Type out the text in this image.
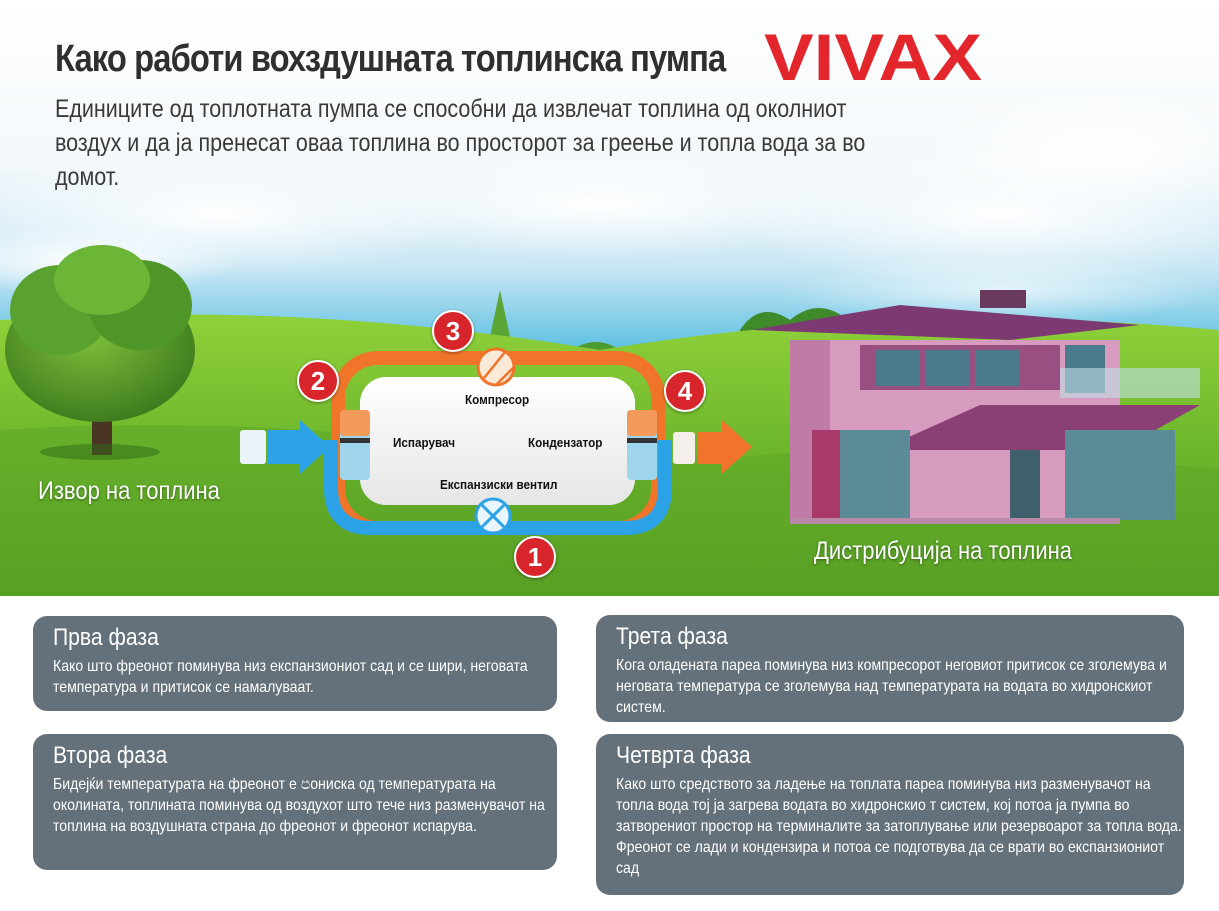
1
2
3
4
Компресор
Испарувач	Кондензатор
Експанзиски вентил
Извор на топлина
Дистрибуција на топлина
Како работи вохздушната топлинска пумпа VIVAX
Единиците од топлотната пумпа се способни да извлечат топлина од околниот воздух и да ја пренесат оваа топлина во просторот за греење и топла вода за во домот.
Прва фаза

Како што фреонот поминува низ експанзиониот сад и се шири, неговата температура и притисок се намалуваат.

Втора фаза

Бидејќи температурата на фреонот е පониска од температурата на околината, топлината поминува од воздухот што тече низ разменувачот на топлина на воздушната страна до фреонот и фреонот испарува.

Трета фаза

Кога оладената пареа поминува низ компресорот неговиот притисок се зголемува и неговата температура се зголемува над температурата на водата во хидронскиот систем.

Четврта фаза

Како што средството за ладење на топлата пареа поминува низ разменувачот на топла вода тој ја загрева водата во хидронскио т систем, кој потоа ја пумпа во затворениот простор на терминалите за затоплување или резервоарот за топла вода. Фреонот се лади и кондензира и потоа се подготвува да се врати во експанзиониот сад
